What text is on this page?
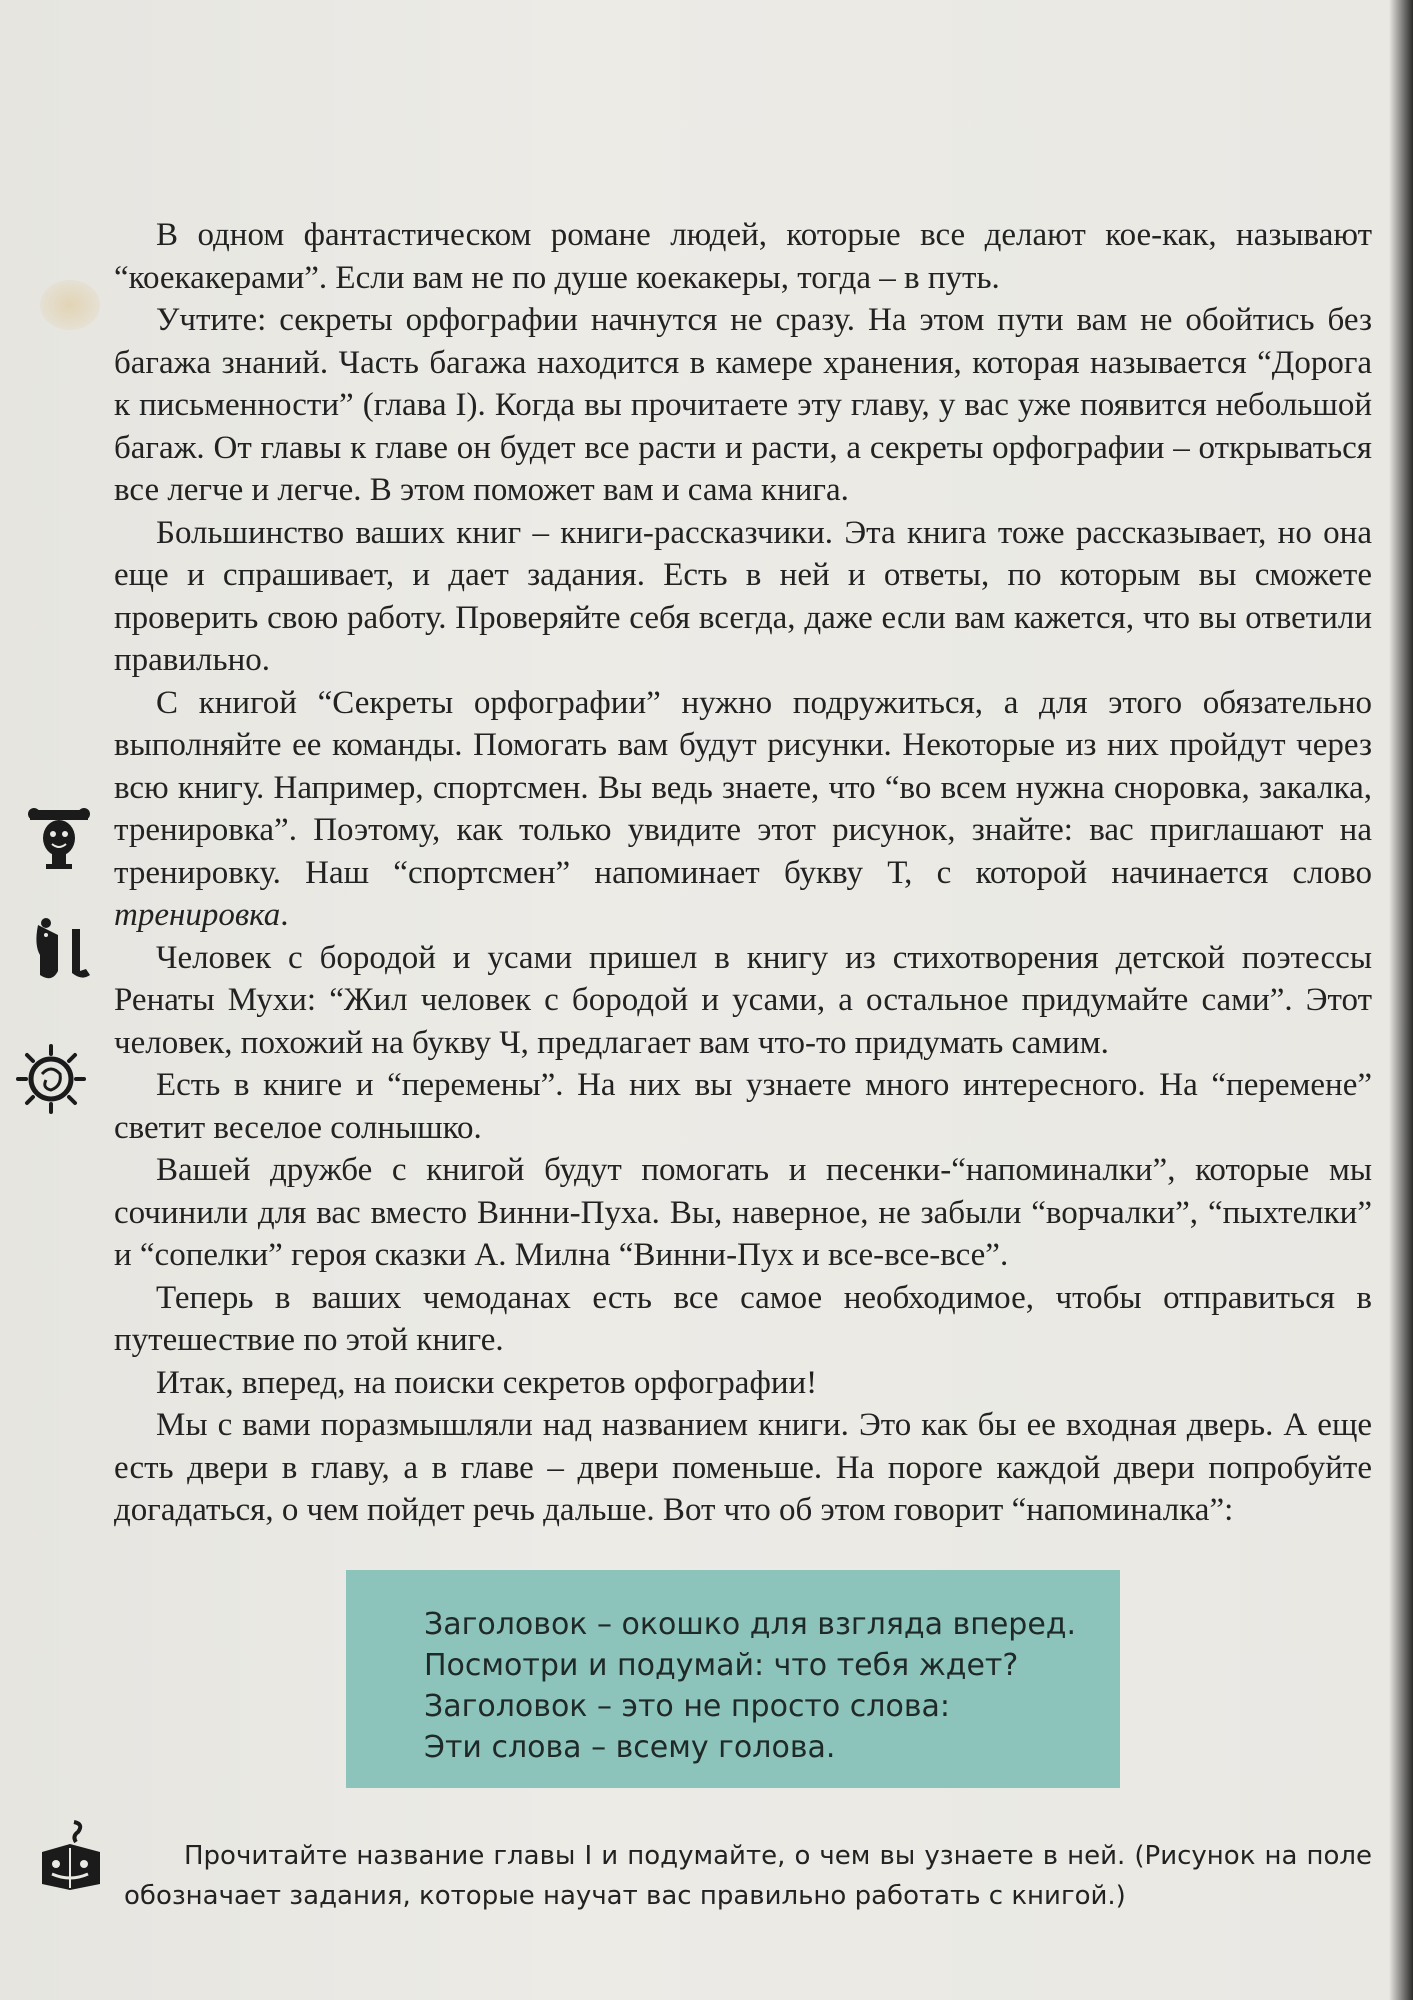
В одном фантастическом романе людей, которые все делают кое-как, называют “коекакерами”. Если вам не по душе коекакеры, тогда – в путь.

Учтите: секреты орфографии начнутся не сразу. На этом пути вам не обойтись без багажа знаний. Часть багажа находится в камере хранения, которая называется “Дорога к письменности” (глава I). Когда вы прочитаете эту главу, у вас уже появится небольшой багаж. От главы к главе он будет все расти и расти, а секреты орфографии – открываться все легче и легче. В этом поможет вам и сама книга.

Большинство ваших книг – книги-рассказчики. Эта книга тоже рассказывает, но она еще и спрашивает, и дает задания. Есть в ней и ответы, по которым вы сможете проверить свою работу. Проверяйте себя всегда, даже если вам кажется, что вы ответили правильно.

С книгой “Секреты орфографии” нужно подружиться, а для этого обязательно выполняйте ее команды. Помогать вам будут рисунки. Некоторые из них пройдут через всю книгу. Например, спортсмен. Вы ведь знаете, что “во всем нужна сноровка, закалка, тренировка”. Поэтому, как только увидите этот рисунок, знайте: вас приглашают на тренировку. Наш “спортсмен” напоминает букву Т, с которой начинается слово тренировка.

Человек с бородой и усами пришел в книгу из стихотворения детской поэтессы Ренаты Мухи: “Жил человек с бородой и усами, а остальное придумайте сами”. Этот человек, похожий на букву Ч, предлагает вам что-то придумать самим.

Есть в книге и “перемены”. На них вы узнаете много интересного. На “перемене” светит веселое солнышко.

Вашей дружбе с книгой будут помогать и песенки-“напоминалки”, которые мы сочинили для вас вместо Винни-Пуха. Вы, наверное, не забыли “ворчалки”, “пыхтелки” и “сопелки” героя сказки А. Милна “Винни-Пух и все-все-все”.

Теперь в ваших чемоданах есть все самое необходимое, чтобы отправиться в путешествие по этой книге.

Итак, вперед, на поиски секретов орфографии!

Мы с вами поразмышляли над названием книги. Это как бы ее входная дверь. А еще есть двери в главу, а в главе – двери поменьше. На пороге каждой двери попробуйте догадаться, о чем пойдет речь дальше. Вот что об этом говорит “напоминалка”:

Заголовок – окошко для взгляда вперед.
Посмотри и подумай: что тебя ждет?
Заголовок – это не просто слова:
Эти слова – всему голова.

Прочитайте название главы I и подумайте, о чем вы узнаете в ней. (Рисунок на поле обозначает задания, которые научат вас правильно работать с книгой.)
